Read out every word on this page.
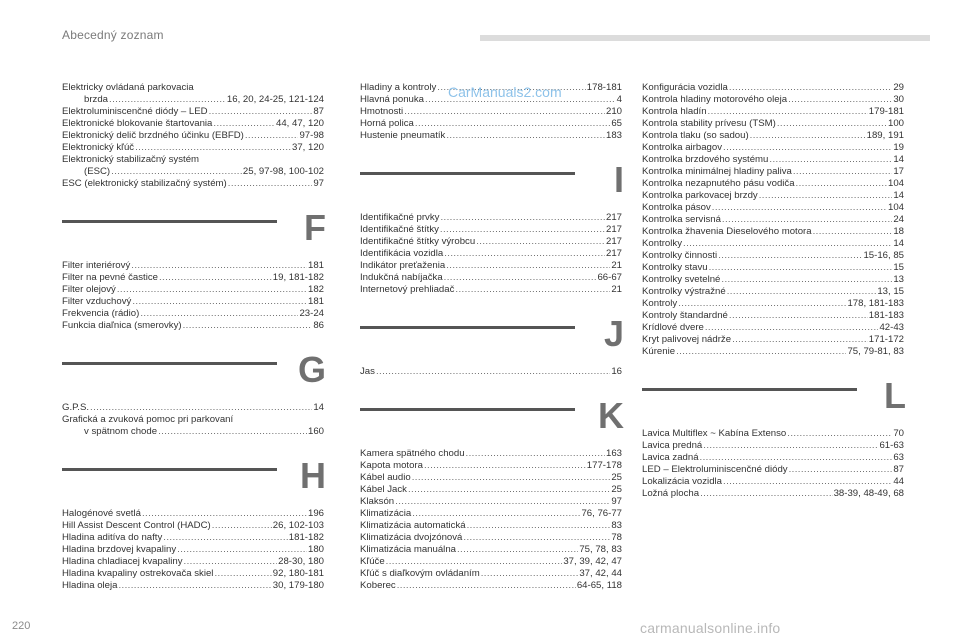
Abecedný zoznam
Elektricky ovládaná parkovacia
brzda .....	16, 20, 24-25, 121-124
Elektroluminiscenčné diódy – LED .....	87
Elektronické blokovanie štartovania .....	44, 47, 120
Elektronický delič brzdného účinku (EBFD) .....	97-98
Elektronický kľúč .....	37, 120
Elektronický stabilizačný systém
(ESC) .....	25, 97-98, 100-102
ESC (elektronický stabilizačný systém) .....	97
F
Filter interiérový .....	181
Filter na pevné častice .....	19, 181-182
Filter olejový .....	182
Filter vzduchový .....	181
Frekvencia (rádio) .....	23-24
Funkcia diaľnica (smerovky) .....	86
G
G.P.S. .....	14
Grafická a zvuková pomoc pri parkovaní
v spätnom chode .....	160
H
Halogénové svetlá .....	196
Hill Assist Descent Control (HADC) .....	26, 102-103
Hladina aditíva do nafty .....	181-182
Hladina brzdovej kvapaliny .....	180
Hladina chladiacej kvapaliny .....	28-30, 180
Hladina kvapaliny ostrekovača skiel .....	92, 180-181
Hladina oleja .....	30, 179-180
Hladiny a kontroly .....	178-181
Hlavná ponuka .....	4
Hmotnosti .....	210
Horná polica .....	65
Hustenie pneumatík .....	183
I
Identifikačné prvky .....	217
Identifikačné štítky .....	217
Identifikačné štítky výrobcu .....	217
Identifikácia vozidla .....	217
Indikátor preťaženia .....	21
Indukčná nabíjačka .....	66-67
Internetový prehliadač .....	21
J
Jas .....	16
K
Kamera spätného chodu .....	163
Kapota motora .....	177-178
Kábel audio .....	25
Kábel Jack .....	25
Klaksón .....	97
Klimatizácia .....	76, 76-77
Klimatizácia automatická .....	83
Klimatizácia dvojzónová .....	78
Klimatizácia manuálna .....	75, 78, 83
Kľúče .....	37, 39, 42, 47
Kľúč s diaľkovým ovládaním .....	37, 42, 44
Koberec .....	64-65, 118
Konfigurácia vozidla .....	29
Kontrola hladiny motorového oleja .....	30
Kontrola hladín .....	179-181
Kontrola stability prívesu (TSM) .....	100
Kontrola tlaku (so sadou) .....	189, 191
Kontrolka airbagov .....	19
Kontrolka brzdového systému .....	14
Kontrolka minimálnej hladiny paliva .....	17
Kontrolka nezapnutého pásu vodiča .....	104
Kontrolka parkovacej brzdy .....	14
Kontrolka pásov .....	104
Kontrolka servisná .....	24
Kontrolka žhavenia Dieselového motora .....	18
Kontrolky .....	14
Kontrolky činnosti .....	15-16, 85
Kontrolky stavu .....	15
Kontrolky svetelné .....	13
Kontrolky výstražné .....	13, 15
Kontroly .....	178, 181-183
Kontroly štandardné .....	181-183
Krídlové dvere .....	42-43
Kryt palivovej nádrže .....	171-172
Kúrenie .....	75, 79-81, 83
L
Lavica Multiflex ~ Kabína Extenso .....	70
Lavica predná .....	61-63
Lavica zadná .....	63
LED – Elektroluminiscenčné diódy .....	87
Lokalizácia vozidla .....	44
Ložná plocha .....	38-39, 48-49, 68
CarManuals2.com
carmanualsonline.info
220
